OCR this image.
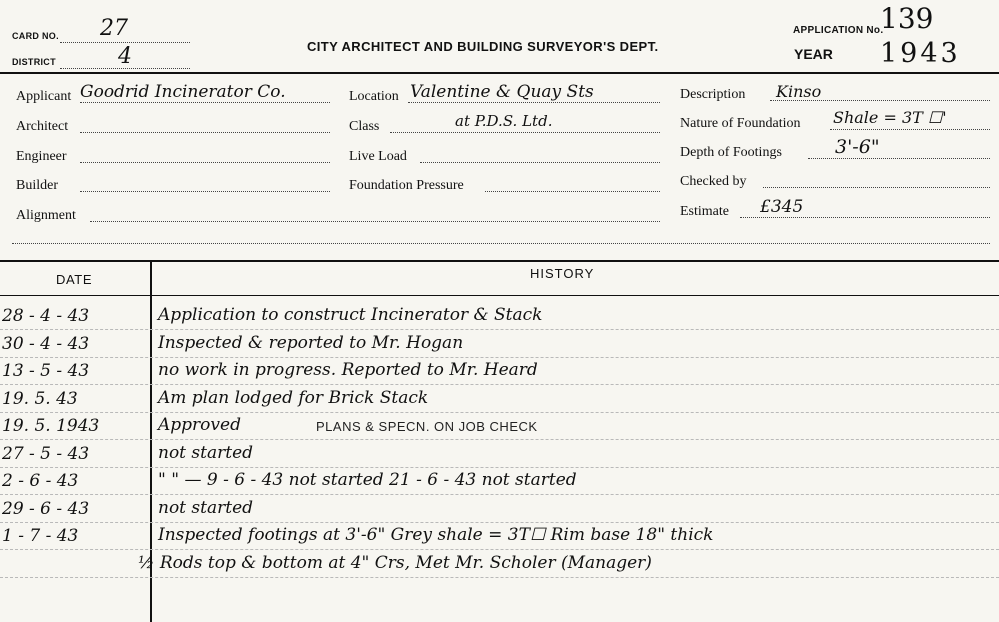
CARD NO. 27
DISTRICT	4	CITY ARCHITECT AND BUILDING SURVEYOR'S DEPT.
APPLICATION No.
139
YEAR 1943
Applicant Goodrid Incinerator Co.
Architect
Engineer
Builder
Alignment
Location Valentine & Quay Sts
Class	at P.D.S. Ltd.
Live Load
Foundation Pressure
Description Kinso
Nature of Foundation Shale = 3T ☐'
Depth of Footings	3'-6"
Checked by
Estimate £345
DATE	HISTORY
28 - 4 - 43	Application to construct Incinerator & Stack
30 - 4 - 43	Inspected & reported to Mr. Hogan
13 - 5 - 43	no work in progress. Reported to Mr. Heard
19. 5. 43	Am plan lodged for Brick Stack
19. 5. 1943	Approved	PLANS & SPECN. ON JOB CHECK
27 - 5 - 43	not started
2 - 6 - 43	" " — 9 - 6 - 43 not started 21 - 6 - 43 not started
29 - 6 - 43	not started
1 - 7 - 43	Inspected footings at 3'-6" Grey shale = 3T☐ Rim base 18" thick
½ Rods top & bottom at 4" Crs, Met Mr. Scholer (Manager)
